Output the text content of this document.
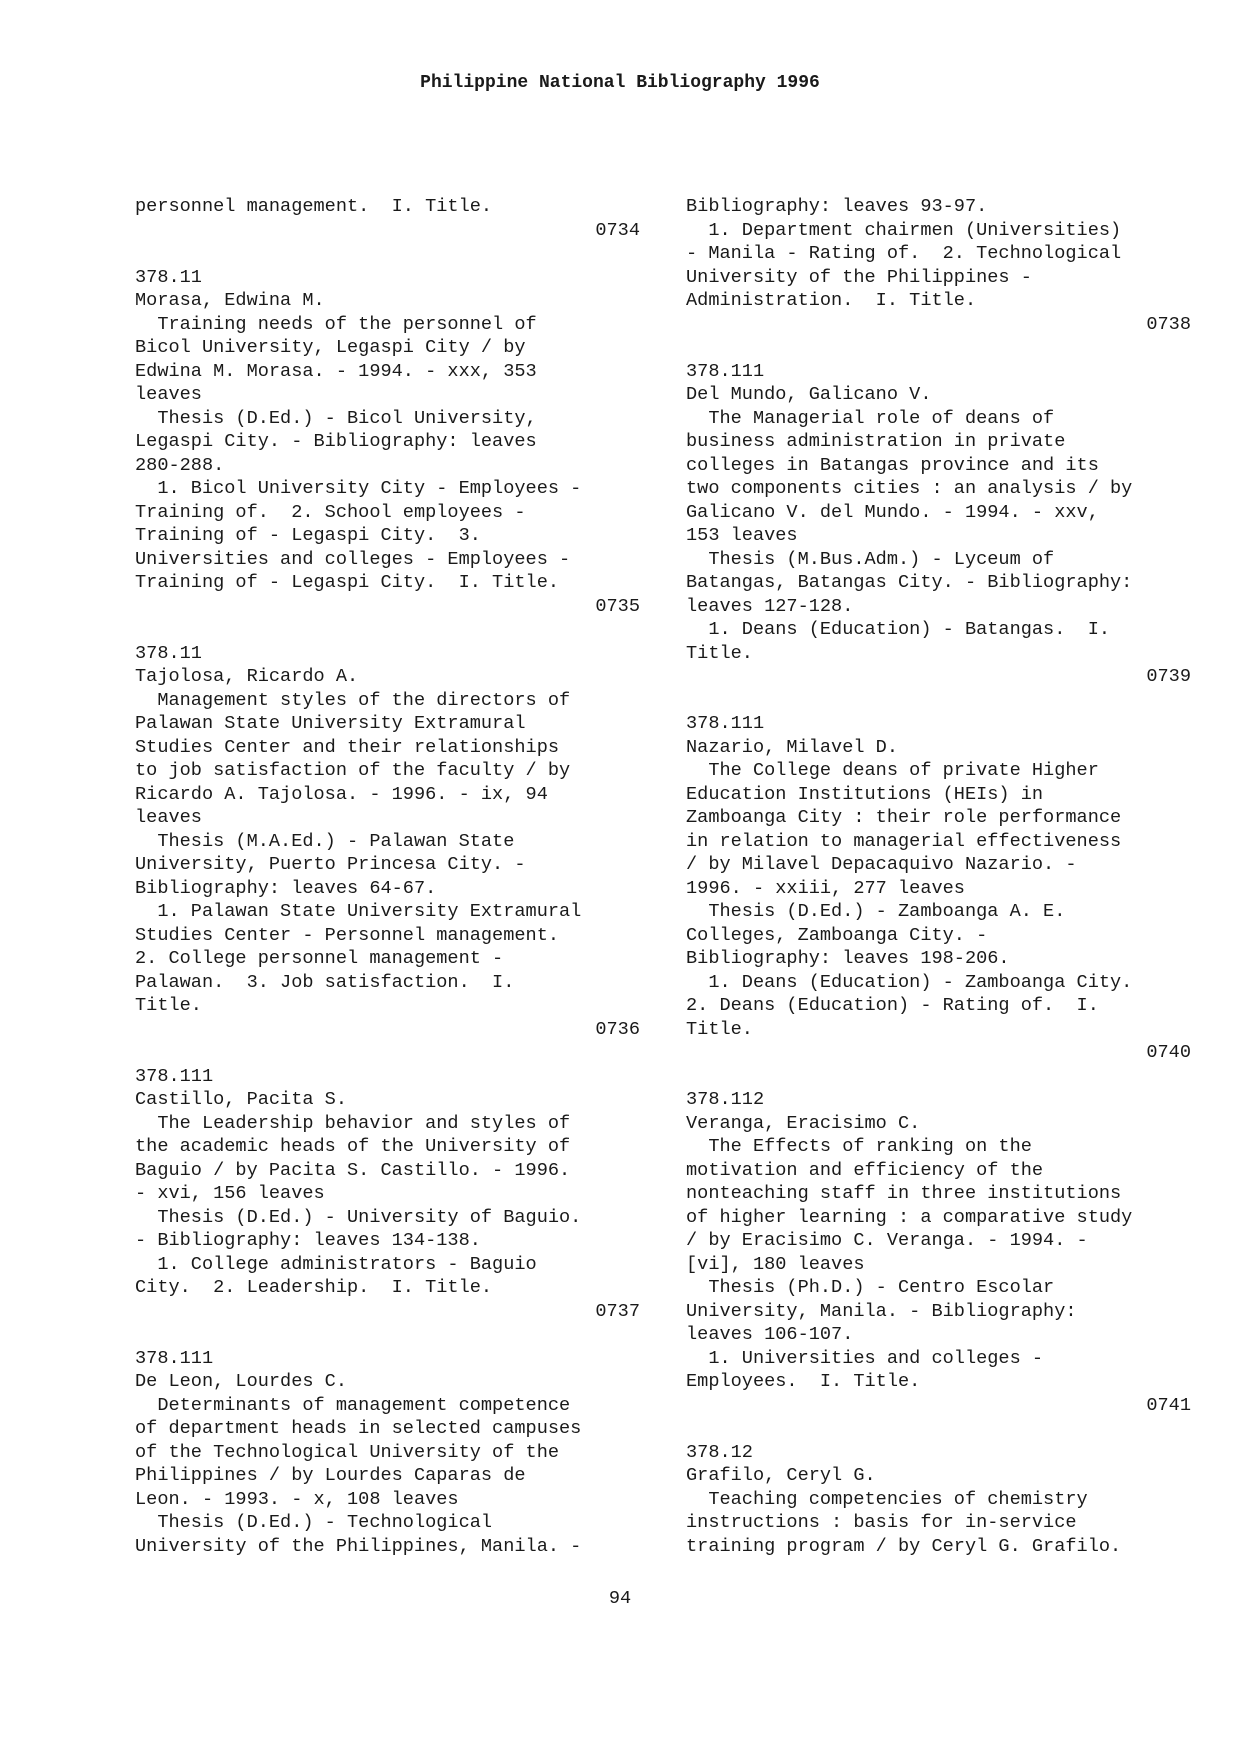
Philippine National Bibliography 1996
personnel management.  I. Title.
0734
378.11
Morasa, Edwina M.
Training needs of the personnel of
Bicol University, Legaspi City / by
Edwina M. Morasa. - 1994. - xxx, 353
leaves
Thesis (D.Ed.) - Bicol University,
Legaspi City. - Bibliography: leaves
280-288.
1. Bicol University City - Employees -
Training of.  2. School employees -
Training of - Legaspi City.  3.
Universities and colleges - Employees -
Training of - Legaspi City.  I. Title.
0735
378.11
Tajolosa, Ricardo A.
Management styles of the directors of
Palawan State University Extramural
Studies Center and their relationships
to job satisfaction of the faculty / by
Ricardo A. Tajolosa. - 1996. - ix, 94
leaves
Thesis (M.A.Ed.) - Palawan State
University, Puerto Princesa City. -
Bibliography: leaves 64-67.
1. Palawan State University Extramural
Studies Center - Personnel management.
2. College personnel management -
Palawan.  3. Job satisfaction.  I.
Title.
0736
378.111
Castillo, Pacita S.
The Leadership behavior and styles of
the academic heads of the University of
Baguio / by Pacita S. Castillo. - 1996.
- xvi, 156 leaves
Thesis (D.Ed.) - University of Baguio.
- Bibliography: leaves 134-138.
1. College administrators - Baguio
City.  2. Leadership.  I. Title.
0737
378.111
De Leon, Lourdes C.
Determinants of management competence
of department heads in selected campuses
of the Technological University of the
Philippines / by Lourdes Caparas de
Leon. - 1993. - x, 108 leaves
Thesis (D.Ed.) - Technological
University of the Philippines, Manila. -
Bibliography: leaves 93-97.
1. Department chairmen (Universities)
- Manila - Rating of.  2. Technological
University of the Philippines -
Administration.  I. Title.
0738
378.111
Del Mundo, Galicano V.
The Managerial role of deans of
business administration in private
colleges in Batangas province and its
two components cities : an analysis / by
Galicano V. del Mundo. - 1994. - xxv,
153 leaves
Thesis (M.Bus.Adm.) - Lyceum of
Batangas, Batangas City. - Bibliography:
leaves 127-128.
1. Deans (Education) - Batangas.  I.
Title.
0739
378.111
Nazario, Milavel D.
The College deans of private Higher
Education Institutions (HEIs) in
Zamboanga City : their role performance
in relation to managerial effectiveness
/ by Milavel Depacaquivo Nazario. -
1996. - xxiii, 277 leaves
Thesis (D.Ed.) - Zamboanga A. E.
Colleges, Zamboanga City. -
Bibliography: leaves 198-206.
1. Deans (Education) - Zamboanga City.
2. Deans (Education) - Rating of.  I.
Title.
0740
378.112
Veranga, Eracisimo C.
The Effects of ranking on the
motivation and efficiency of the
nonteaching staff in three institutions
of higher learning : a comparative study
/ by Eracisimo C. Veranga. - 1994. -
[vi], 180 leaves
Thesis (Ph.D.) - Centro Escolar
University, Manila. - Bibliography:
leaves 106-107.
1. Universities and colleges -
Employees.  I. Title.
0741
378.12
Grafilo, Ceryl G.
Teaching competencies of chemistry
instructions : basis for in-service
training program / by Ceryl G. Grafilo.
94
